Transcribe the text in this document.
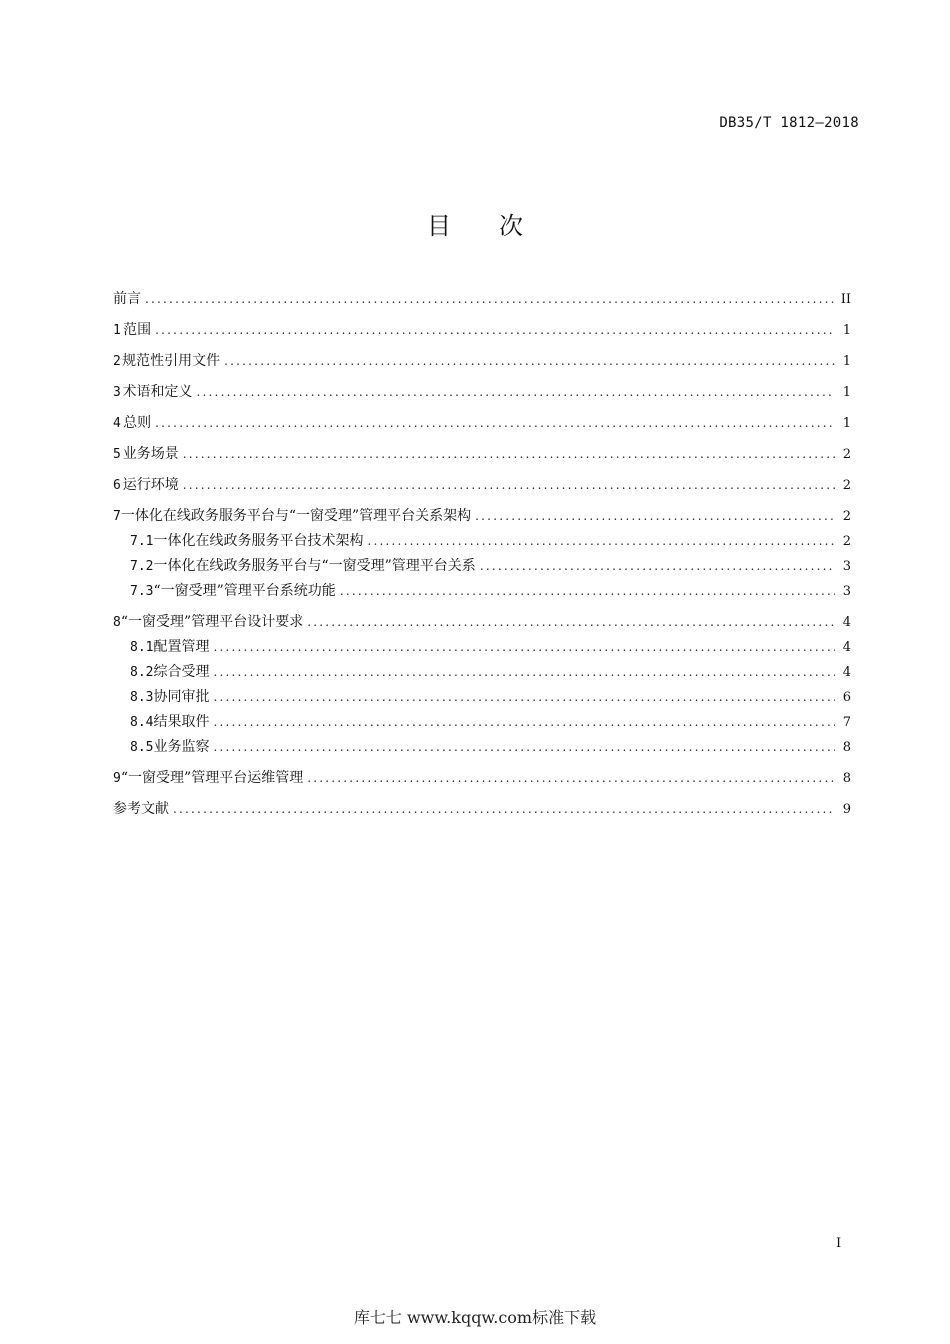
DB35/T 1812—2018
目次
前言 .....	II
1 范围 .....	1
2 规范性引用文件 .....	1
3 术语和定义 .....	1
4 总则 .....	1
5 业务场景 .....	2
6 运行环境 .....	2
7 一体化在线政务服务平台与“一窗受理”管理平台关系架构 .....	2
7.1 一体化在线政务服务平台技术架构 .....	2
7.2 一体化在线政务服务平台与“一窗受理”管理平台关系 .....	3
7.3 “一窗受理”管理平台系统功能 .....	3
8 “一窗受理”管理平台设计要求 .....	4
8.1 配置管理 .....	4
8.2 综合受理 .....	4
8.3 协同审批 .....	6
8.4 结果取件 .....	7
8.5 业务监察 .....	8
9 “一窗受理”管理平台运维管理 .....	8
参考文献 .....	9
I
库七七 www.kqqw.com标准下载
